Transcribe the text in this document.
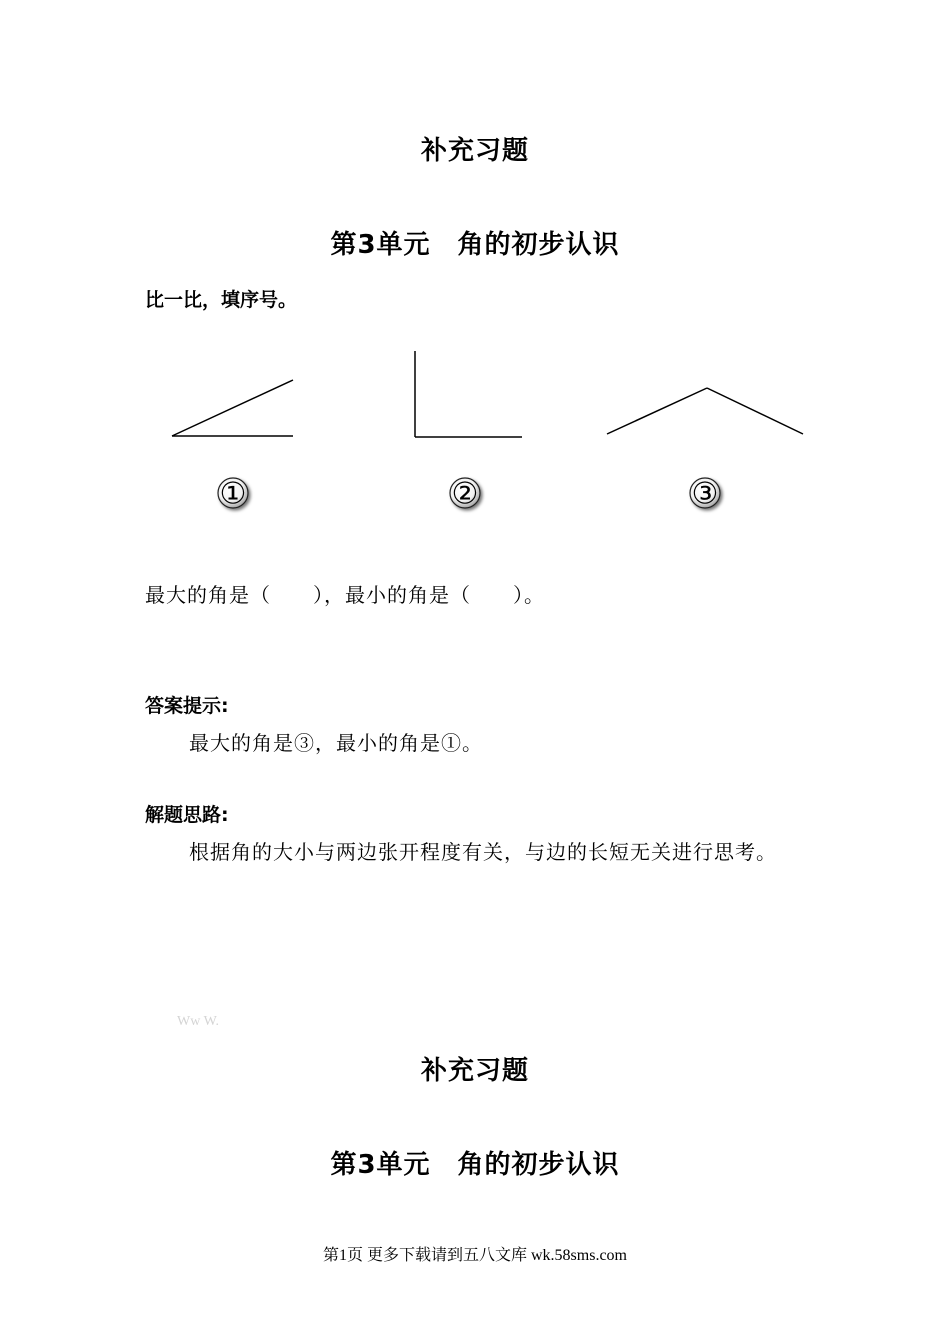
补充习题
第3单元　角的初步认识
比一比，填序号。
①	②	③
最大的角是（　　），最小的角是（　　）。
答案提示:
最大的角是③，最小的角是①。
解题思路:
根据角的大小与两边张开程度有关，与边的长短无关进行思考。
Ww W.
补充习题
第3单元　角的初步认识
第1页 更多下载请到五八文库 wk.58sms.com
